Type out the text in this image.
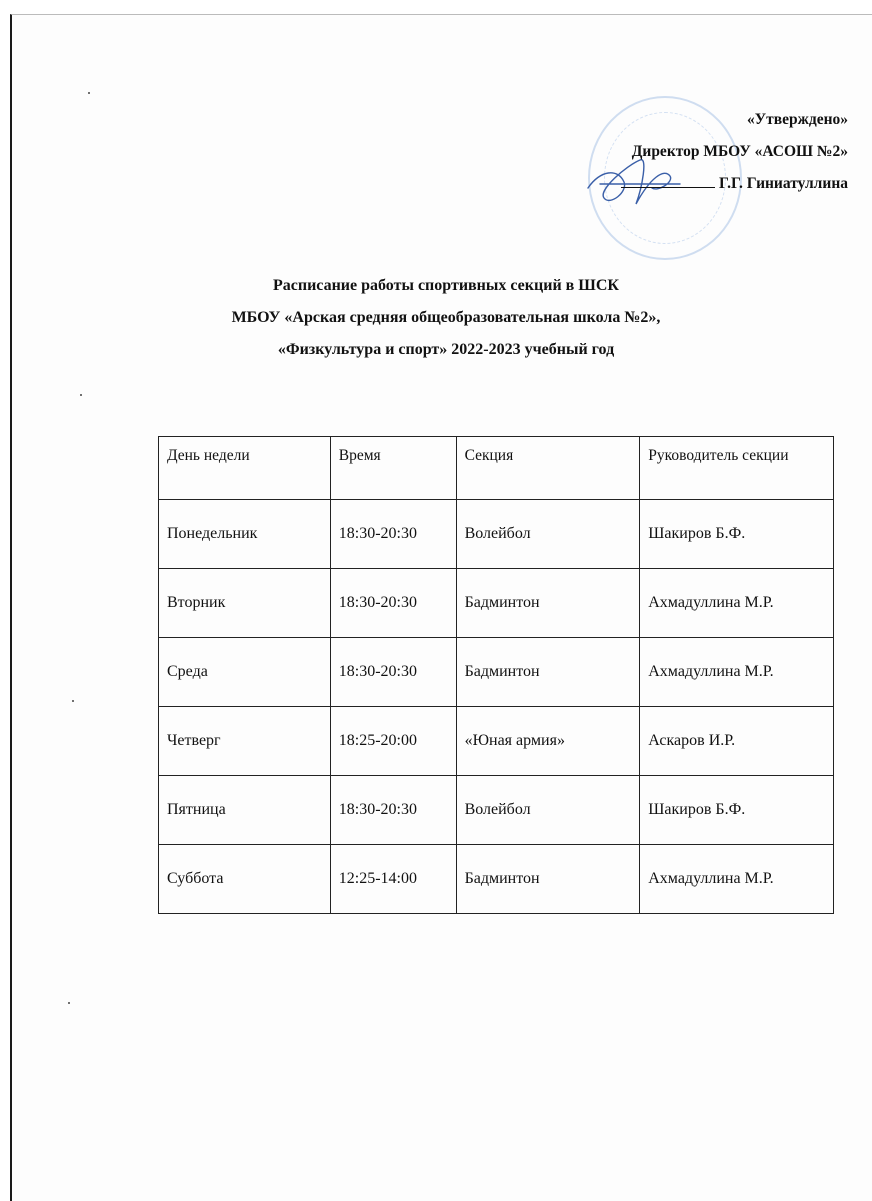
«Утверждено»
Директор МБОУ «АСОШ №2»
Г.Г. Гиниатуллина
Расписание работы спортивных секций в ШСК
МБОУ «Арская средняя общеобразовательная школа №2»,
«Физкультура и спорт» 2022-2023 учебный год
День недели	Время	Секция	Руководитель секции
Понедельник	18:30-20:30	Волейбол	Шакиров Б.Ф.
Вторник	18:30-20:30	Бадминтон	Ахмадуллина М.Р.
Среда	18:30-20:30	Бадминтон	Ахмадуллина М.Р.
Четверг	18:25-20:00	«Юная армия»	Аскаров И.Р.
Пятница	18:30-20:30	Волейбол	Шакиров Б.Ф.
Суббота	12:25-14:00	Бадминтон	Ахмадуллина М.Р.
